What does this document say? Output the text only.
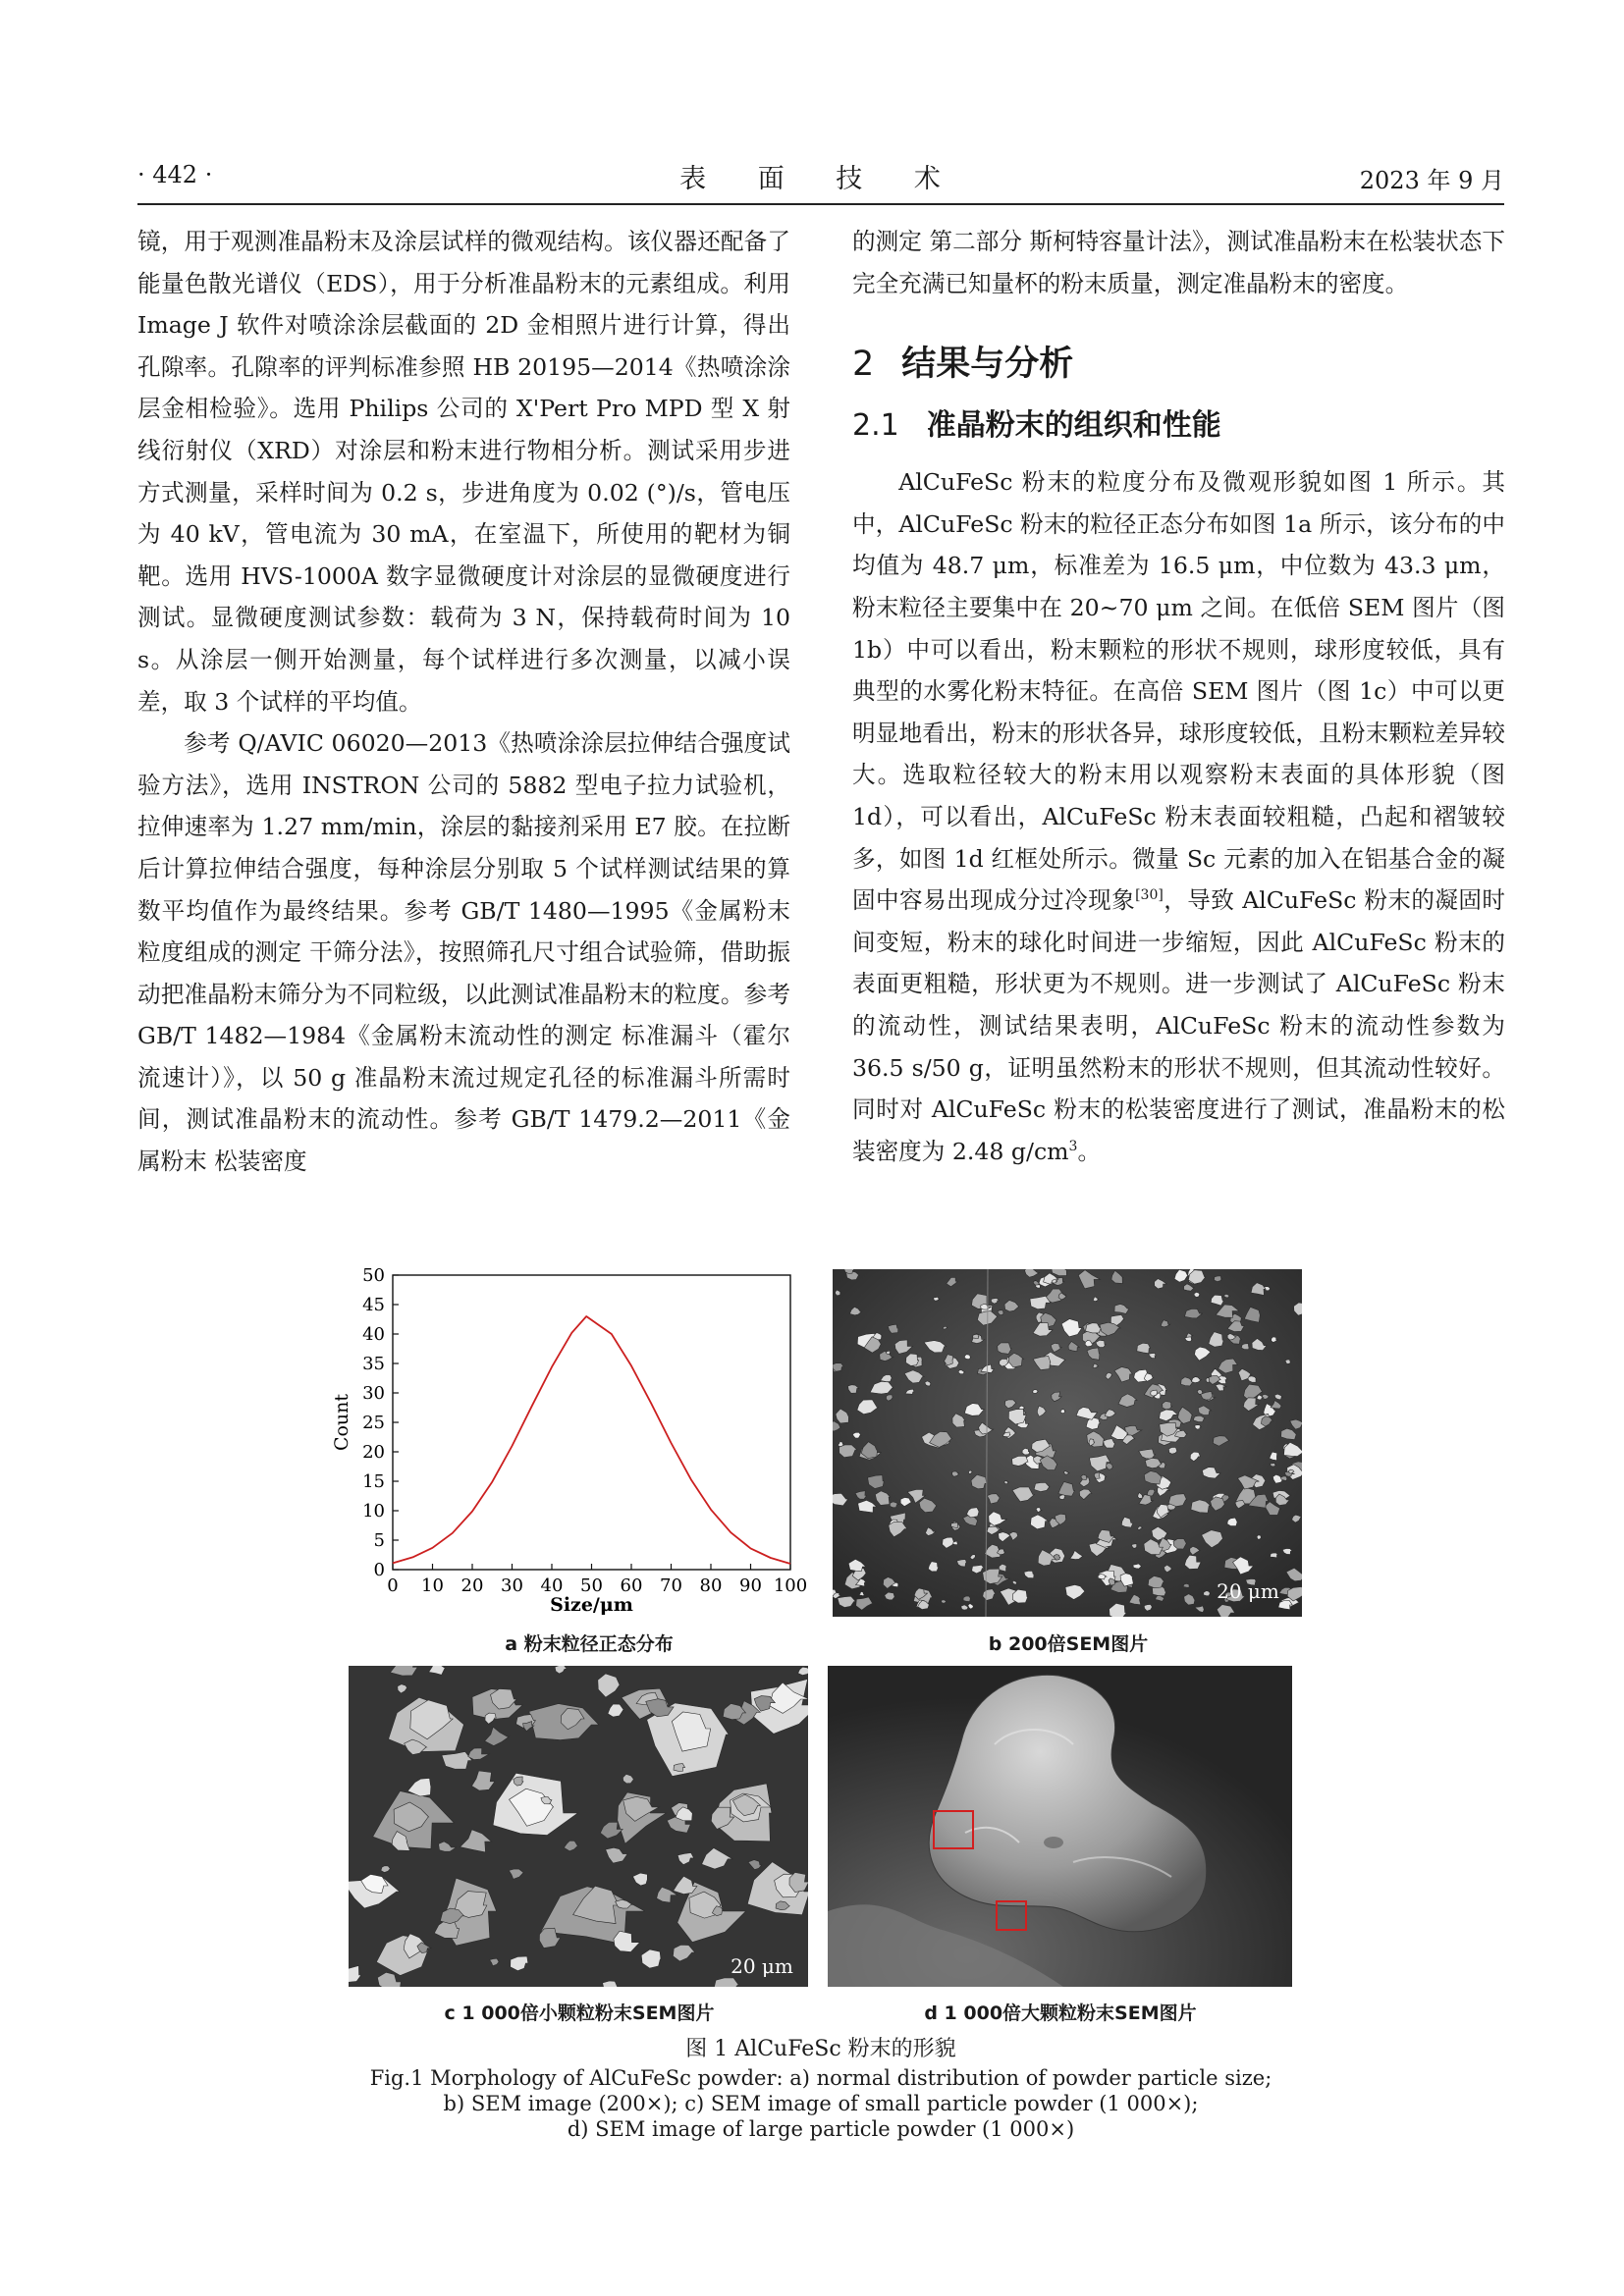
· 442 ·	表 面 技 术	2023 年 9 月

镜，用于观测准晶粉末及涂层试样的微观结构。该仪器还配备了能量色散光谱仪（EDS），用于分析准晶粉末的元素组成。利用 Image J 软件对喷涂涂层截面的 2D 金相照片进行计算，得出孔隙率。孔隙率的评判标准参照 HB 20195—2014《热喷涂涂层金相检验》。选用 Philips 公司的 X'Pert Pro MPD 型 X 射线衍射仪（XRD）对涂层和粉末进行物相分析。测试采用步进方式测量，采样时间为 0.2 s，步进角度为 0.02 (°)/s，管电压为 40 kV，管电流为 30 mA，在室温下，所使用的靶材为铜靶。选用 HVS-1000A 数字显微硬度计对涂层的显微硬度进行测试。显微硬度测试参数：载荷为 3 N，保持载荷时间为 10 s。从涂层一侧开始测量，每个试样进行多次测量，以减小误差，取 3 个试样的平均值。

参考 Q/AVIC 06020—2013《热喷涂涂层拉伸结合强度试验方法》，选用 INSTRON 公司的 5882 型电子拉力试验机，拉伸速率为 1.27 mm/min，涂层的黏接剂采用 E7 胶。在拉断后计算拉伸结合强度，每种涂层分别取 5 个试样测试结果的算数平均值作为最终结果。参考 GB/T 1480—1995《金属粉末粒度组成的测定 干筛分法》，按照筛孔尺寸组合试验筛，借助振动把准晶粉末筛分为不同粒级，以此测试准晶粉末的粒度。参考 GB/T 1482—1984《金属粉末流动性的测定 标准漏斗（霍尔流速计）》，以 50 g 准晶粉末流过规定孔径的标准漏斗所需时间，测试准晶粉末的流动性。参考 GB/T 1479.2—2011《金属粉末 松装密度

的测定 第二部分 斯柯特容量计法》，测试准晶粉末在松装状态下完全充满已知量杯的粉末质量，测定准晶粉末的密度。

2 结果与分析

2.1 准晶粉末的组织和性能

AlCuFeSc 粉末的粒度分布及微观形貌如图 1 所示。其中，AlCuFeSc 粉末的粒径正态分布如图 1a 所示，该分布的中均值为 48.7 μm，标准差为 16.5 μm，中位数为 43.3 μm，粉末粒径主要集中在 20~70 μm 之间。在低倍 SEM 图片（图 1b）中可以看出，粉末颗粒的形状不规则，球形度较低，具有典型的水雾化粉末特征。在高倍 SEM 图片（图 1c）中可以更明显地看出，粉末的形状各异，球形度较低，且粉末颗粒差异较大。选取粒径较大的粉末用以观察粉末表面的具体形貌（图 1d），可以看出，AlCuFeSc 粉末表面较粗糙，凸起和褶皱较多，如图 1d 红框处所示。微量 Sc 元素的加入在铝基合金的凝固中容易出现成分过冷现象[30]，导致 AlCuFeSc 粉末的凝固时间变短，粉末的球化时间进一步缩短，因此 AlCuFeSc 粉末的表面更粗糙，形状更为不规则。进一步测试了 AlCuFeSc 粉末的流动性，测试结果表明，AlCuFeSc 粉末的流动性参数为 36.5 s/50 g，证明虽然粉末的形状不规则，但其流动性较好。同时对 AlCuFeSc 粉末的松装密度进行了测试，准晶粉末的松装密度为 2.48 $g/cm^3$。

0 10 20 30 40 50 60 70 80 90 100
0
5
10
15
20
25
30
35
40
45
50
Size/μm
Count
a 粉末粒径正态分布
20 μm
b 200倍SEM图片
20 μm
c 1 000倍小颗粒粉末SEM图片	d 1 000倍大颗粒粉末SEM图片
图 1 AlCuFeSc 粉末的形貌
Fig.1 Morphology of AlCuFeSc powder: a) normal distribution of powder particle size;
b) SEM image (200×); c) SEM image of small particle powder (1 000×);
d) SEM image of large particle powder (1 000×)
